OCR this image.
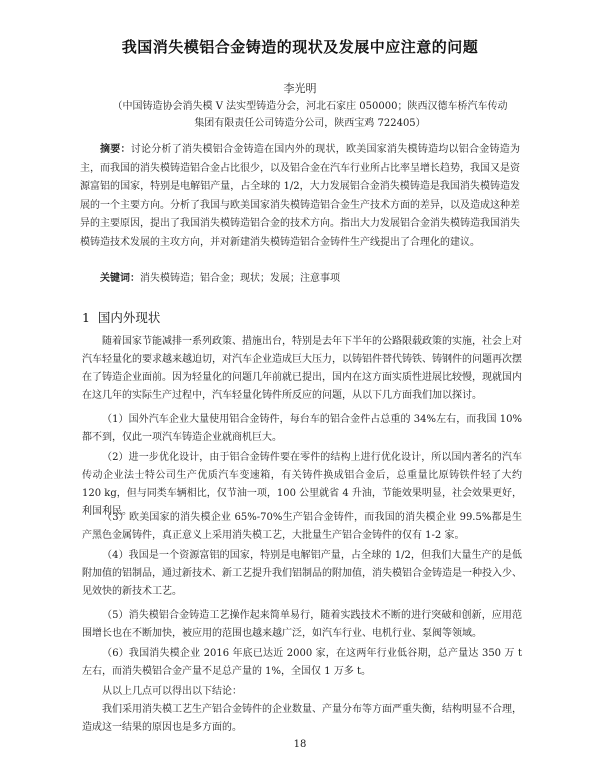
我国消失模铝合金铸造的现状及发展中应注意的问题
李光明
（中国铸造协会消失模 V 法实型铸造分会，河北石家庄 050000；陕西汉德车桥汽车传动集团有限责任公司铸造分公司，陕西宝鸡 722405）
摘要：讨论分析了消失模铝合金铸造在国内外的现状，欧美国家消失模铸造均以铝合金铸造为主，而我国的消失模铸造铝合金占比很少，以及铝合金在汽车行业所占比率呈增长趋势，我国又是资源富铝的国家，特别是电解铝产量，占全球的 1/2，大力发展铝合金消失模铸造是我国消失模铸造发展的一个主要方向。分析了我国与欧美国家消失模铸造铝合金生产技术方面的差异，以及造成这种差异的主要原因，提出了我国消失模铸造铝合金的技术方向。指出大力发展铝合金消失模铸造我国消失模铸造技术发展的主攻方向，并对新建消失模铸造铝合金铸件生产线提出了合理化的建议。
关键词：消失模铸造；铝合金；现状；发展；注意事项
1 国内外现状

随着国家节能减排一系列政策、措施出台，特别是去年下半年的公路限载政策的实施，社会上对汽车轻量化的要求越来越迫切，对汽车企业造成巨大压力，以铸铝件替代铸铁、铸钢件的问题再次摆在了铸造企业面前。因为轻量化的问题几年前就已提出，国内在这方面实质性进展比较慢，现就国内在这几年的实际生产过程中，汽车轻量化铸件所反应的问题，从以下几方面我们加以探讨。

（1）国外汽车企业大量使用铝合金铸件，每台车的铝合金件占总重的 34%左右，而我国 10%都不到，仅此一项汽车铸造企业就商机巨大。

（2）进一步优化设计，由于铝合金铸件要在零件的结构上进行优化设计，所以国内著名的汽车传动企业法士特公司生产优质汽车变速箱，有关铸件换成铝合金后，总重量比原铸铁件轻了大约 120 kg，但与同类车辆相比，仅节油一项，100 公里就省 4 升油，节能效果明显，社会效果更好，利国利民。

（3）欧美国家的消失模企业 65%-70%生产铝合金铸件，而我国的消失模企业 99.5%都是生产黑色金属铸件，真正意义上采用消失模工艺，大批量生产铝合金铸件的仅有 1-2 家。

（4）我国是一个资源富铝的国家，特别是电解铝产量，占全球的 1/2，但我们大量生产的是低附加值的铝制品，通过新技术、新工艺提升我们铝制品的附加值，消失模铝合金铸造是一种投入少、见效快的新技术工艺。

（5）消失模铝合金铸造工艺操作起来简单易行，随着实践技术不断的进行突破和创新，应用范围增长也在不断加快，被应用的范围也越来越广泛，如汽车行业、电机行业、泵阀等领域。

（6）我国消失模企业 2016 年底已达近 2000 家，在这两年行业低谷期，总产量达 350 万 t 左右，而消失模铝合金产量不足总产量的 1%，全国仅 1 万多 t。

从以上几点可以得出以下结论：

我们采用消失模工艺生产铝合金铸件的企业数量、产量分布等方面严重失衡，结构明显不合理，造成这一结果的原因也是多方面的。

18
